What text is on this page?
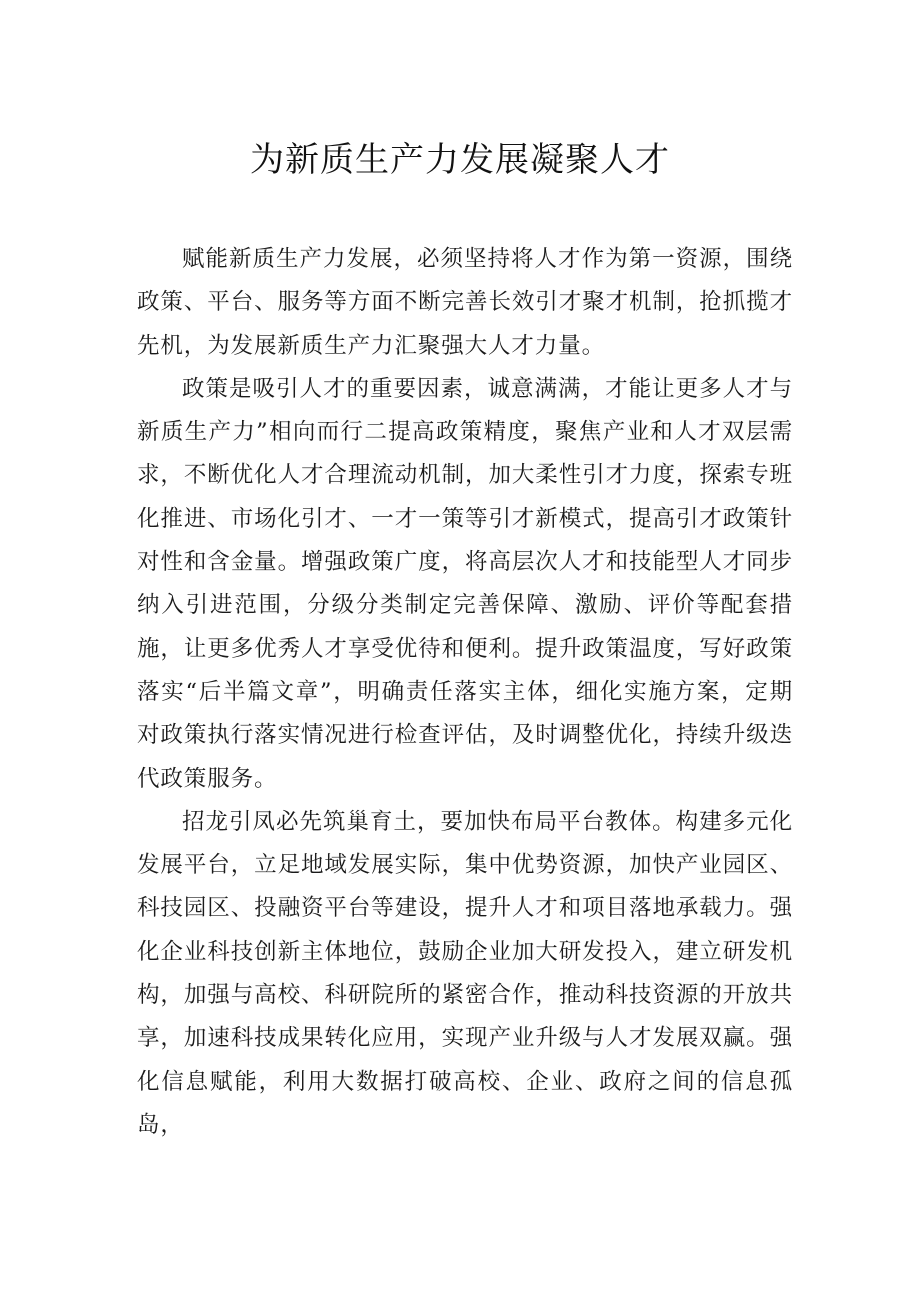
为新质生产力发展凝聚人才

赋能新质生产力发展，必须坚持将人才作为第一资源，围绕政策、平台、服务等方面不断完善长效引才聚才机制，抢抓揽才先机，为发展新质生产力汇聚强大人才力量。

政策是吸引人才的重要因素，诚意满满，才能让更多人才与新质生产力”相向而行二提高政策精度，聚焦产业和人才双层需求，不断优化人才合理流动机制，加大柔性引才力度，探索专班化推进、市场化引才、一才一策等引才新模式，提高引才政策针对性和含金量。增强政策广度，将高层次人才和技能型人才同步纳入引进范围，分级分类制定完善保障、激励、评价等配套措施，让更多优秀人才享受优待和便利。提升政策温度，写好政策落实“后半篇文章”，明确责任落实主体，细化实施方案，定期对政策执行落实情况进行检查评估，及时调整优化，持续升级迭代政策服务。

招龙引凤必先筑巢育土，要加快布局平台教体。构建多元化发展平台，立足地域发展实际，集中优势资源，加快产业园区、科技园区、投融资平台等建设，提升人才和项目落地承载力。强化企业科技创新主体地位，鼓励企业加大研发投入，建立研发机构，加强与高校、科研院所的紧密合作，推动科技资源的开放共享，加速科技成果转化应用，实现产业升级与人才发展双赢。强化信息赋能，利用大数据打破高校、企业、政府之间的信息孤岛，
